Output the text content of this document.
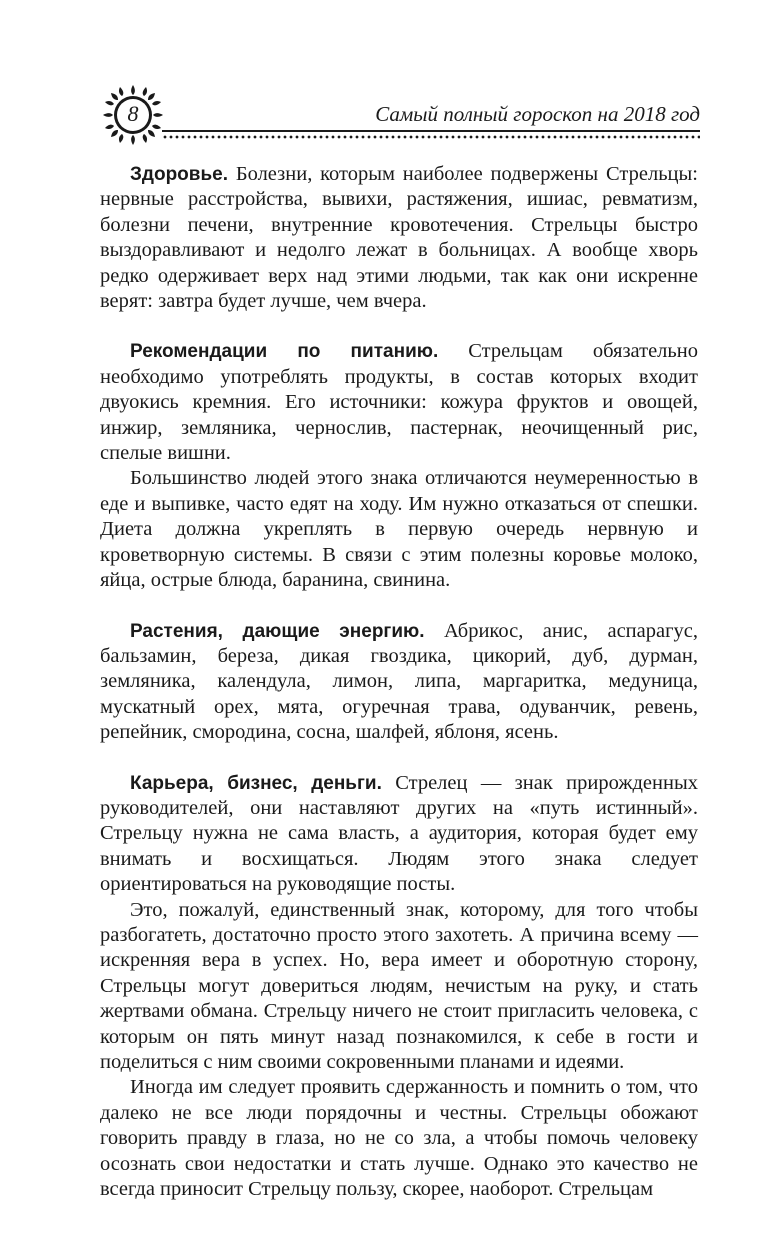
8	Самый полный гороскоп на 2018 год

Здоровье. Болезни, которым наиболее подвержены Стрельцы: нервные расстройства, вывихи, растяжения, ишиас, ревматизм, болезни печени, внутренние кровотечения. Стрельцы быстро выздоравливают и недолго лежат в больницах. А вообще хворь редко одерживает верх над этими людьми, так как они искренне верят: завтра будет лучше, чем вчера.

Рекомендации по питанию. Стрельцам обязательно необходимо употреблять продукты, в состав которых входит двуокись кремния. Его источники: кожура фруктов и овощей, инжир, земляника, чернослив, пастернак, неочищенный рис, спелые вишни.

Большинство людей этого знака отличаются неумеренностью в еде и выпивке, часто едят на ходу. Им нужно отказаться от спешки. Диета должна укреплять в первую очередь нервную и кроветворную системы. В связи с этим полезны коровье молоко, яйца, острые блюда, баранина, свинина.

Растения, дающие энергию. Абрикос, анис, аспарагус, бальзамин, береза, дикая гвоздика, цикорий, дуб, дурман, земляника, календула, лимон, липа, маргаритка, медуница, мускатный орех, мята, огуречная трава, одуванчик, ревень, репейник, смородина, сосна, шалфей, яблоня, ясень.

Карьера, бизнес, деньги. Стрелец — знак прирожденных руководителей, они наставляют других на «путь истинный». Стрельцу нужна не сама власть, а аудитория, которая будет ему внимать и восхищаться. Людям этого знака следует ориентироваться на руководящие посты.

Это, пожалуй, единственный знак, которому, для того чтобы разбогатеть, достаточно просто этого захотеть. А причина всему — искренняя вера в успех. Но, вера имеет и оборотную сторону, Стрельцы могут довериться людям, нечистым на руку, и стать жертвами обмана. Стрельцу ничего не стоит пригласить человека, с которым он пять минут назад познакомился, к себе в гости и поделиться с ним своими сокровенными планами и идеями.

Иногда им следует проявить сдержанность и помнить о том, что далеко не все люди порядочны и честны. Стрельцы обожают говорить правду в глаза, но не со зла, а чтобы помочь человеку осознать свои недостатки и стать лучше. Однако это качество не всегда приносит Стрельцу пользу, скорее, наоборот. Стрельцам
